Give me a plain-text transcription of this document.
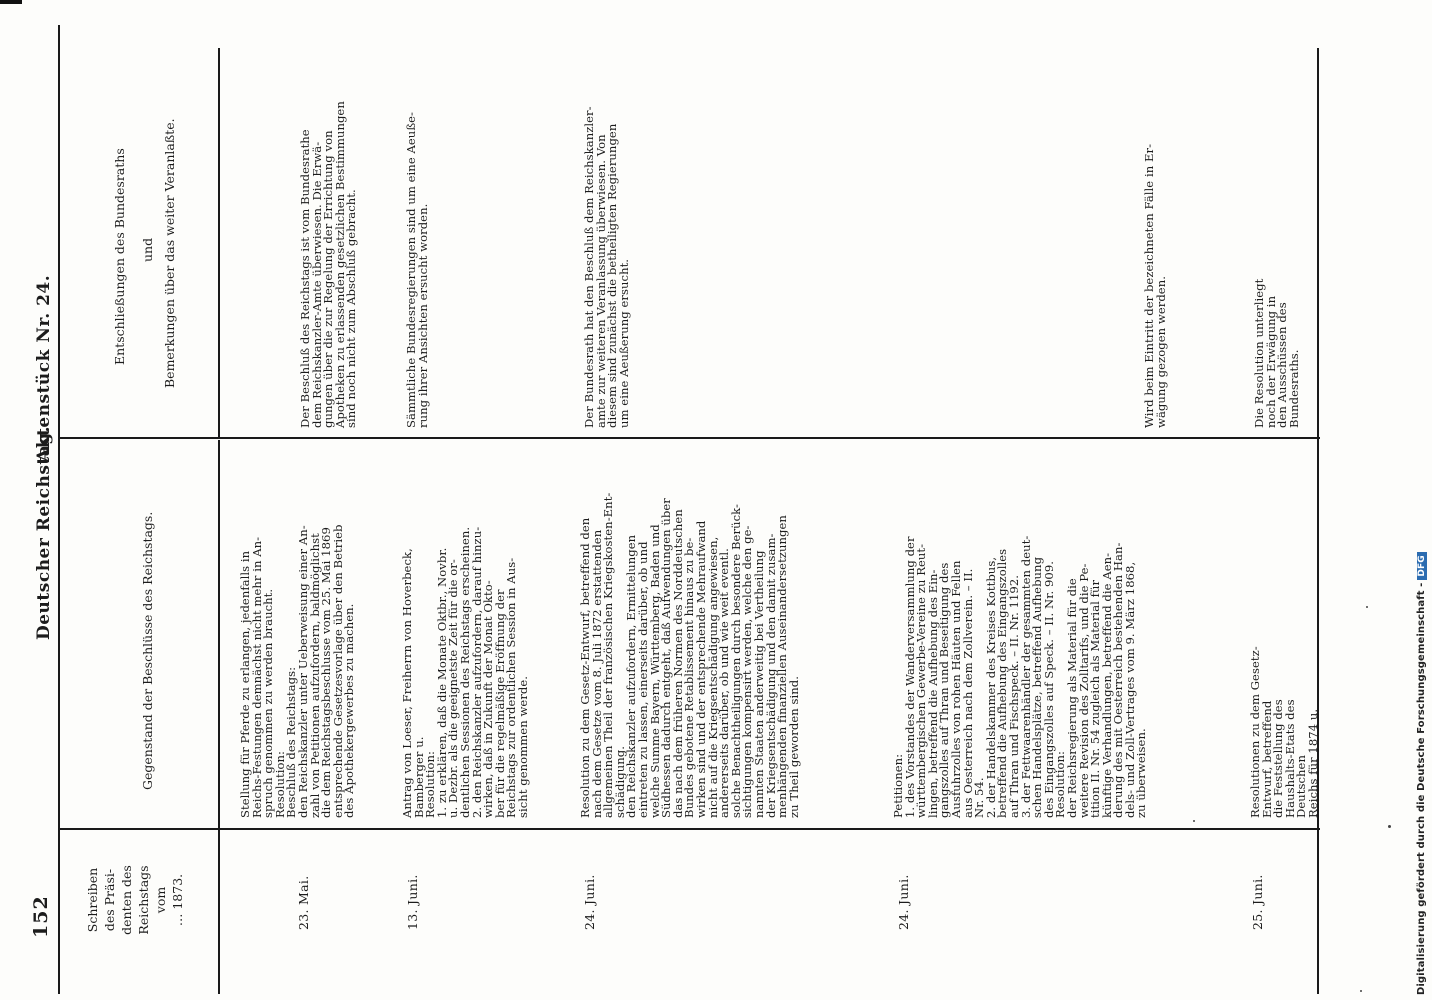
152
Deutscher Reichstag.
Aktenstück Nr. 24.
Schreiben
des Präsi-
denten des
Reichstags
vom
… 1873.
Gegenstand der Beschlüsse des Reichstags.
Entschließungen des Bundesraths und Bemerkungen über das weiter Veranlaßte.
23. Mai.
Stellung für Pferde zu erlangen, jedenfalls in
Reichs-Festungen demnächst nicht mehr in An-
spruch genommen zu werden braucht.
Resolution:
Beschluß des Reichstags:
den Reichskanzler unter Ueberweisung einer An-
zahl von Petitionen aufzufordern, baldmöglichst
die dem Reichstagsbeschlusse vom 25. Mai 1869
entsprechende Gesetzesvorlage über den Betrieb
des Apothekergewerbes zu machen.
Der Beschluß des Reichstags ist vom Bundesrathe
dem Reichskanzler-Amte überwiesen. Die Erwä-
gungen über die zur Regelung der Errichtung von
Apotheken zu erlassenden gesetzlichen Bestimmungen
sind noch nicht zum Abschluß gebracht.
13. Juni.
Antrag von Loeser, Freiherrn von Hoverbeck,
Bamberger u.
Resolution:
1. zu erklären, daß die Monate Oktbr., Novbr.
u. Dezbr. als die geeignetste Zeit für die or-
dentlichen Sessionen des Reichstags erscheinen.
2. den Reichskanzler aufzufordern, darauf hinzu-
wirken, daß in Zukunft der Monat Okto-
ber für die regelmäßige Eröffnung der
Reichstags zur ordentlichen Session in Aus-
sicht genommen werde.
Sämmtliche Bundesregierungen sind um eine Aeuße-
rung ihrer Ansichten ersucht worden.
24. Juni.
Resolution zu dem Gesetz-Entwurf, betreffend den
nach dem Gesetze vom 8. Juli 1872 erstattenden
allgemeinen Theil der französischen Kriegskosten-Ent-
schädigung.
den Reichskanzler aufzufordern, Ermittelungen
eintreten zu lassen, einerseits darüber, ob und
welche Summe Bayern, Württemberg, Baden und
Südhessen dadurch entgeht, daß Aufwendungen über
das nach dem früheren Normen des Norddeutschen
Bundes gebotene Retablissement hinaus zu be-
wirken sind und der entsprechende Mehraufwand
nicht auf die Kriegsentschädigung angewiesen,
andererseits darüber, ob und wie weit eventl.
solche Benachtheiligungen durch besondere Berück-
sichtigungen kompensirt werden, welche den ge-
nannten Staaten anderweitig bei Vertheilung
der Kriegsentschädigung und den damit zusam-
menhängenden finanziellen Auseinandersetzungen
zu Theil geworden sind.
Der Bundesrath hat den Beschluß dem Reichskanzler-
amte zur weiteren Veranlassung überwiesen. Von
diesem sind zunächst die betheiligten Regierungen
um eine Aeußerung ersucht.
24. Juni.
Petitionen:
1. des Vorstandes der Wanderversammlung der
württembergischen Gewerbe-Vereine zu Reut-
lingen, betreffend die Aufhebung des Ein-
gangszolles auf Thran und Beseitigung des
Ausfuhrzolles von rohen Häuten und Fellen
aus Oesterreich nach dem Zollverein. – II.
Nr. 54.
2. der Handelskammer des Kreises Kottbus,
betreffend die Aufhebung des Eingangszolles
auf Thran und Fischspeck. – II. Nr. 1192.
3. der Fettwaarenhändler der gesammten deut-
schen Handelsplätze, betreffend Aufhebung
des Eingangszolles auf Speck. – II. Nr. 909.
Resolution:
der Reichsregierung als Material für die
weitere Revision des Zolltarifs, und die Pe-
tition II. Nr. 54 zugleich als Material für
künftige Verhandlungen, betreffend die Aen-
derung des mit Oesterreich bestehenden Han-
dels- und Zoll-Vertrages vom 9. März 1868,
zu überweisen.
Wird beim Eintritt der bezeichneten Fälle in Er-
wägung gezogen werden.
25. Juni.
Resolutionen zu dem Gesetz-Entwurf, betreffend
die Feststellung des Haushalts-Etats des Deutschen
Reichs für 1874 u.
Die Resolution unterliegt noch der Erwägung in
den Ausschüssen des Bundesraths.
Digitalisierung gefördert durch die Deutsche Forschungsgemeinschaft -DFG
